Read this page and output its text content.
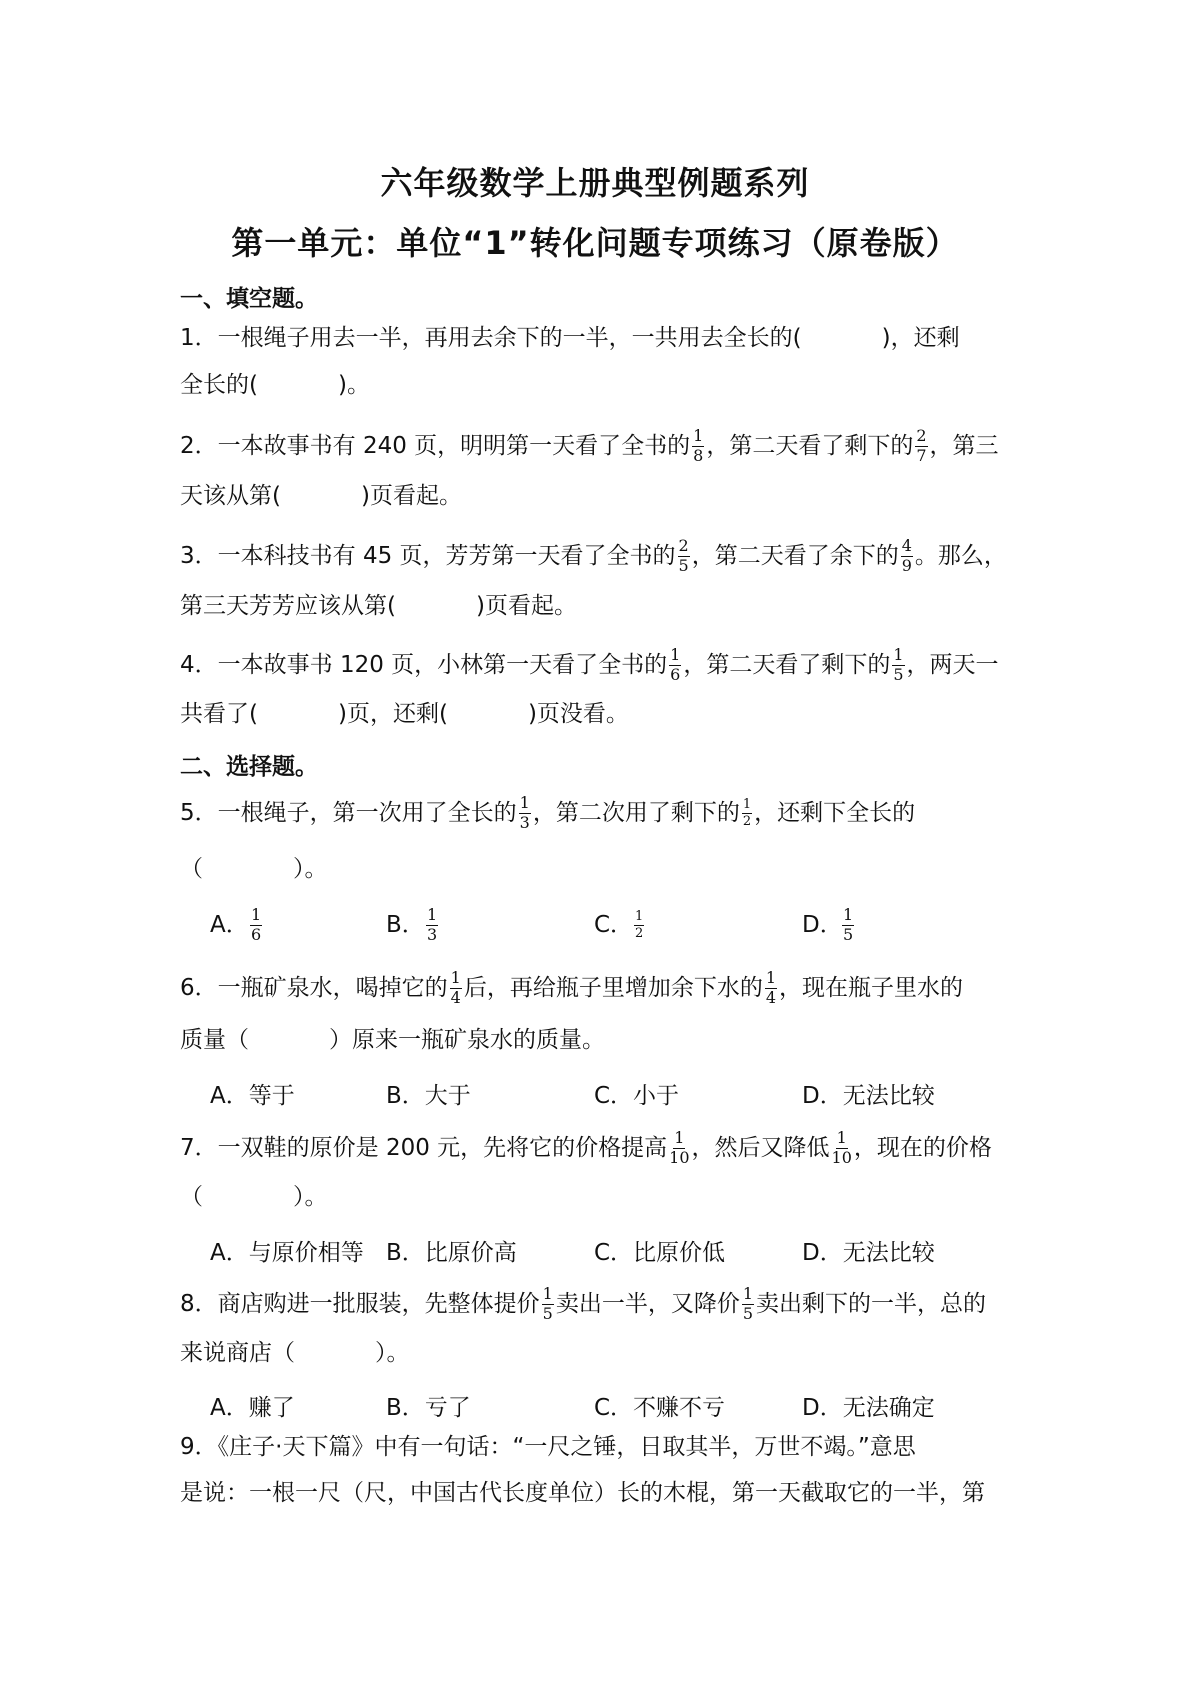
六年级数学上册典型例题系列
第一单元：单位“1”转化问题专项练习（原卷版）
一、填空题。
1．一根绳子用去一半，再用去余下的一半，一共用去全长的(	)，还剩
全长的(	)。
2．一本故事书有 240 页，明明第一天看了全书的 $\frac{1}{8}$ ，第二天看了剩下的 $\frac{2}{7}$ ，第三
天该从第(	)页看起。
3．一本科技书有 45 页，芳芳第一天看了全书的 $\frac{2}{5}$ ，第二天看了余下的 $\frac{4}{9}$ 。那么，
第三天芳芳应该从第(	)页看起。
4．一本故事书 120 页，小林第一天看了全书的 $\frac{1}{6}$ ，第二天看了剩下的 $\frac{1}{5}$ ，两天一
共看了(	)页，还剩(	)页没看。
二、选择题。
5．一根绳子，第一次用了全长的 $\frac{1}{3}$ ，第二次用了剩下的 $\frac{1}{2}$ ，还剩下全长的
（	）。
A． $\frac{1}{6}$	B． $\frac{1}{3}$	C． $\frac{1}{2}$	D． $\frac{1}{5}$
6．一瓶矿泉水，喝掉它的 $\frac{1}{4}$ 后，再给瓶子里增加余下水的 $\frac{1}{4}$ ，现在瓶子里水的
质量（	）原来一瓶矿泉水的质量。
A．等于	B．大于	C．小于	D．无法比较
7．一双鞋的原价是 200 元，先将它的价格提高 $\frac{1}{10}$ ，然后又降低 $\frac{1}{10}$ ，现在的价格
（	）。
A．与原价相等 B．比原价高	C．比原价低	D．无法比较
8．商店购进一批服装，先整体提价 $\frac{1}{5}$ 卖出一半，又降价 $\frac{1}{5}$ 卖出剩下的一半，总的
来说商店（	）。
A．赚了	B．亏了	C．不赚不亏	D．无法确定
9．《庄子·天下篇》中有一句话：“一尺之锤，日取其半，万世不竭。”意思
是说：一根一尺（尺，中国古代长度单位）长的木棍，第一天截取它的一半，第
